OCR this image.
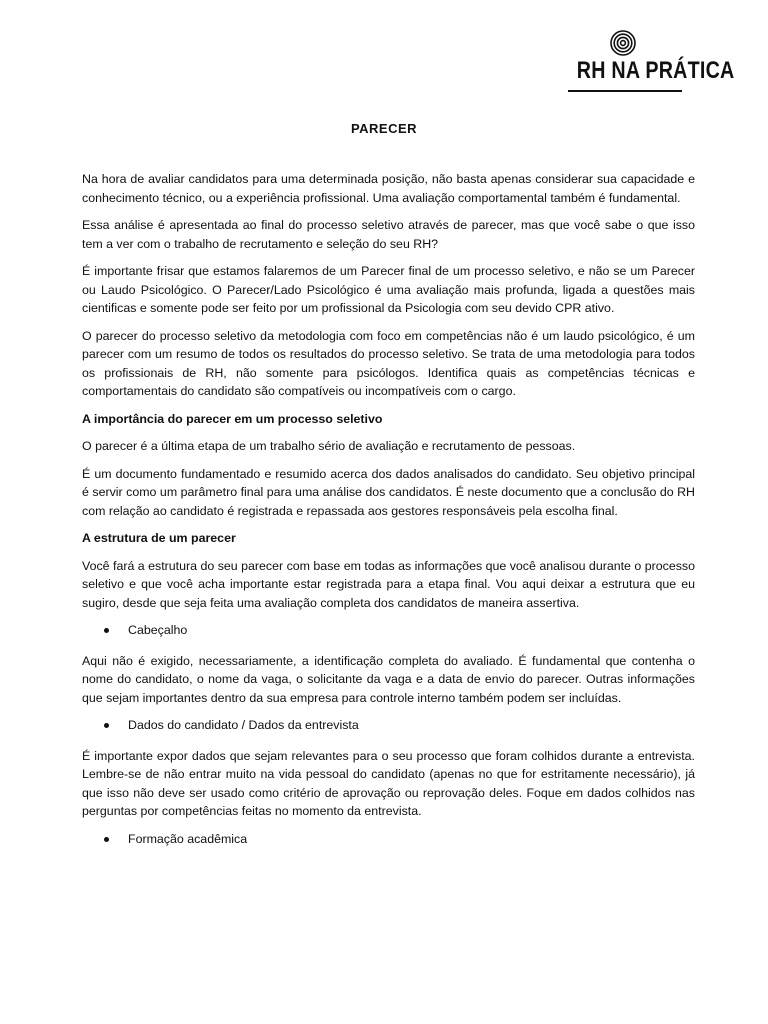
RH NA PRÁTICA
PARECER

Na hora de avaliar candidatos para uma determinada posição, não basta apenas considerar sua capacidade e conhecimento técnico, ou a experiência profissional. Uma avaliação comportamental também é fundamental.

Essa análise é apresentada ao final do processo seletivo através de parecer, mas que você sabe o que isso tem a ver com o trabalho de recrutamento e seleção do seu RH?

É importante frisar que estamos falaremos de um Parecer final de um processo seletivo, e não se um Parecer ou Laudo Psicológico. O Parecer/Lado Psicológico é uma avaliação mais profunda, ligada a questões mais cientificas e somente pode ser feito por um profissional da Psicologia com seu devido CPR ativo.

O parecer do processo seletivo da metodologia com foco em competências não é um laudo psicológico, é um parecer com um resumo de todos os resultados do processo seletivo. Se trata de uma metodologia para todos os profissionais de RH, não somente para psicólogos. Identifica quais as competências técnicas e comportamentais do candidato são compatíveis ou incompatíveis com o cargo.

A importância do parecer em um processo seletivo

O parecer é a última etapa de um trabalho sério de avaliação e recrutamento de pessoas.

É um documento fundamentado e resumido acerca dos dados analisados do candidato. Seu objetivo principal é servir como um parâmetro final para uma análise dos candidatos. É neste documento que a conclusão do RH com relação ao candidato é registrada e repassada aos gestores responsáveis pela escolha final.

A estrutura de um parecer

Você fará a estrutura do seu parecer com base em todas as informações que você analisou durante o processo seletivo e que você acha importante estar registrada para a etapa final. Vou aqui deixar a estrutura que eu sugiro, desde que seja feita uma avaliação completa dos candidatos de maneira assertiva.

Cabeçalho

Aqui não é exigido, necessariamente, a identificação completa do avaliado. É fundamental que contenha o nome do candidato, o nome da vaga, o solicitante da vaga e a data de envio do parecer. Outras informações que sejam importantes dentro da sua empresa para controle interno também podem ser incluídas.

Dados do candidato / Dados da entrevista

É importante expor dados que sejam relevantes para o seu processo que foram colhidos durante a entrevista. Lembre-se de não entrar muito na vida pessoal do candidato (apenas no que for estritamente necessário), já que isso não deve ser usado como critério de aprovação ou reprovação deles. Foque em dados colhidos nas perguntas por competências feitas no momento da entrevista.

Formação acadêmica
